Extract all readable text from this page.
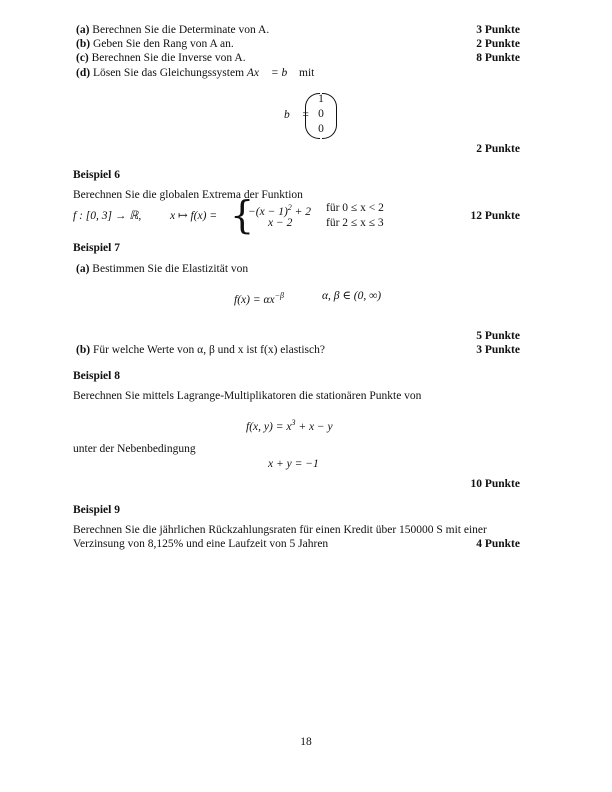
(a) Berechnen Sie die Determinate von A.	3 Punkte
(b) Geben Sie den Rang von A an.	2 Punkte
(c) Berechnen Sie die Inverse von A.	8 Punkte
(d) Lösen Sie das Gleichungssystem Ax⃗ = b⃗ mit
b⃗ =
1
0
0
2 Punkte
Beispiel 6
Berechnen Sie die globalen Extrema der Funktion
f : [0, 3] → ℝ,	x ↦ f(x) = {
$-(x - 1)^2 + 2$ für 0 ≤ x < 2
x − 2	für 2 ≤ x ≤ 3
12 Punkte
Beispiel 7
(a) Bestimmen Sie die Elastizität von
$f(x) = \alpha x^{-\beta}$	α, β ∈ (0, ∞)
5 Punkte
(b) Für welche Werte von α, β und x ist f(x) elastisch?	3 Punkte
Beispiel 8
Berechnen Sie mittels Lagrange-Multiplikatoren die stationären Punkte von
f(x, $y) = x^3 + x - y$
unter der Nebenbedingung
x + y = −1
10 Punkte
Beispiel 9
Berechnen Sie die jährlichen Rückzahlungsraten für einen Kredit über 150000 S mit einer
Verzinsung von 8,125% und eine Laufzeit von 5 Jahren	4 Punkte
18
